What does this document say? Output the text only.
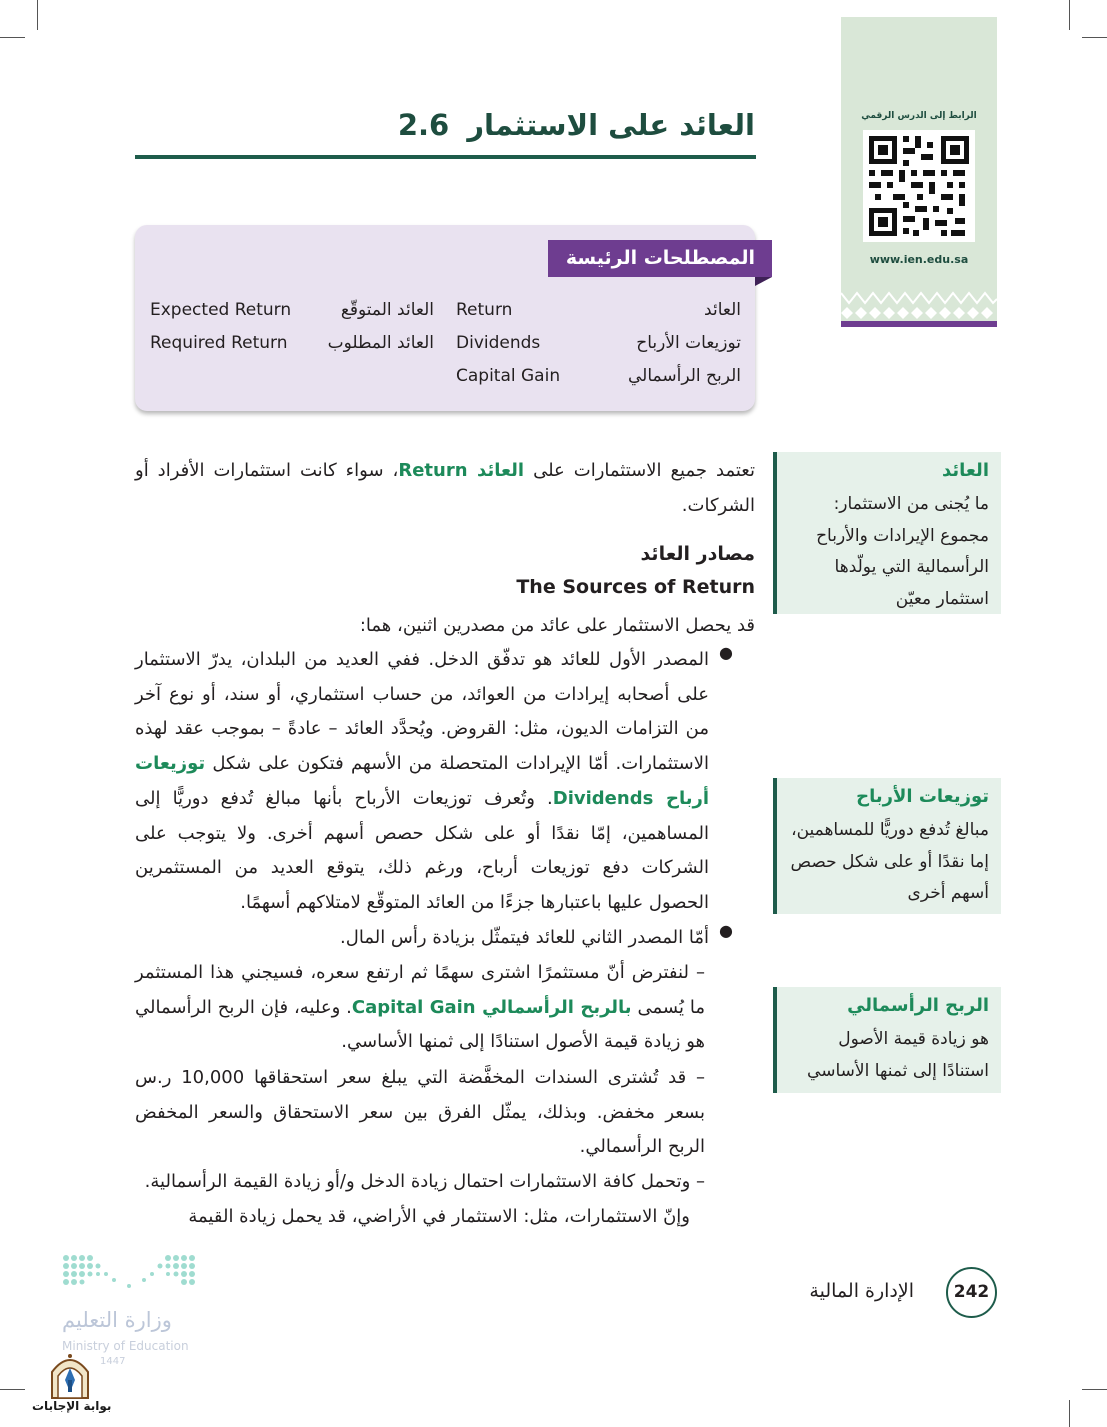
2.6 العائد على الاستثمار	الرابط إلى الدرس الرقمي
www.ien.edu.sa
المصطلحات الرئيسة
العائد
Return
توزيعات الأرباح
Dividends
الربح الرأسمالي
Capital Gain
العائد المتوقّع
Expected Return
العائد المطلوب
Required Return
تعتمد جميع الاستثمارات على العائد Return، سواء كانت استثمارات الأفراد أو الشركات.
مصادر العائد
The Sources of Return
قد يحصل الاستثمار على عائد من مصدرين اثنين، هما:
●
المصدر الأول للعائد هو تدفّق الدخل. ففي العديد من البلدان، يدرّ الاستثمار على أصحابه إيرادات من العوائد، من حساب استثماري، أو سند، أو نوع آخر من التزامات الديون، مثل: القروض. ويُحدَّد العائد – عادةً – بموجب عقد لهذه الاستثمارات. أمّا الإيرادات المتحصلة من الأسهم فتكون على شكل توزيعات أرباح Dividends. وتُعرف توزيعات الأرباح بأنها مبالغ تُدفع دوريًّا إلى المساهمين، إمّا نقدًا أو على شكل حصص أسهم أخرى. ولا يتوجب على الشركات دفع توزيعات أرباح، ورغم ذلك، يتوقع العديد من المستثمرين الحصول عليها باعتبارها جزءًا من العائد المتوقّع لامتلاكهم أسهمًا.
●
أمّا المصدر الثاني للعائد فيتمثّل بزيادة رأس المال.
– لنفترض أنّ مستثمرًا اشترى سهمًا ثم ارتفع سعره، فسيجني هذا المستثمر ما يُسمى بالربح الرأسمالي Capital Gain. وعليه، فإن الربح الرأسمالي هو زيادة قيمة الأصول استنادًا إلى ثمنها الأساسي.
– قد تُشترى السندات المخفَّضة التي يبلغ سعر استحقاقها 10,000 ر.س بسعر مخفض. وبذلك، يمثّل الفرق بين سعر الاستحقاق والسعر المخفض الربح الرأسمالي.
– وتحمل كافة الاستثمارات احتمال زيادة الدخل و/أو زيادة القيمة الرأسمالية.
وإنّ الاستثمارات، مثل: الاستثمار في الأراضي، قد يحمل زيادة القيمة
العائد
ما يُجنى من الاستثمار:
مجموع الإيرادات والأرباح
الرأسمالية التي يولّدها
استثمار معيّن
توزيعات الأرباح
مبالغ تُدفع دوريًّا للمساهمين،
إما نقدًا أو على شكل حصص
أسهم أخرى
الربح الرأسمالي
هو زيادة قيمة الأصول
استنادًا إلى ثمنها الأساسي
242
الإدارة المالية
وزارة التعليم
Ministry of Education
1447
بوابة الإجابات
